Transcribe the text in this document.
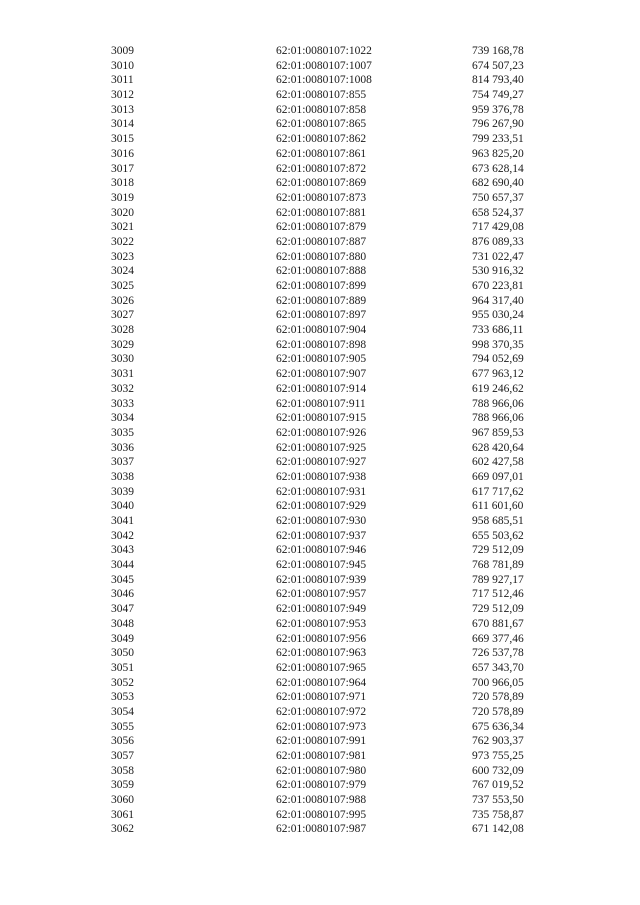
3009	62:01:0080107:1022	739 168,78
3010	62:01:0080107:1007	674 507,23
3011	62:01:0080107:1008	814 793,40
3012	62:01:0080107:855	754 749,27
3013	62:01:0080107:858	959 376,78
3014	62:01:0080107:865	796 267,90
3015	62:01:0080107:862	799 233,51
3016	62:01:0080107:861	963 825,20
3017	62:01:0080107:872	673 628,14
3018	62:01:0080107:869	682 690,40
3019	62:01:0080107:873	750 657,37
3020	62:01:0080107:881	658 524,37
3021	62:01:0080107:879	717 429,08
3022	62:01:0080107:887	876 089,33
3023	62:01:0080107:880	731 022,47
3024	62:01:0080107:888	530 916,32
3025	62:01:0080107:899	670 223,81
3026	62:01:0080107:889	964 317,40
3027	62:01:0080107:897	955 030,24
3028	62:01:0080107:904	733 686,11
3029	62:01:0080107:898	998 370,35
3030	62:01:0080107:905	794 052,69
3031	62:01:0080107:907	677 963,12
3032	62:01:0080107:914	619 246,62
3033	62:01:0080107:911	788 966,06
3034	62:01:0080107:915	788 966,06
3035	62:01:0080107:926	967 859,53
3036	62:01:0080107:925	628 420,64
3037	62:01:0080107:927	602 427,58
3038	62:01:0080107:938	669 097,01
3039	62:01:0080107:931	617 717,62
3040	62:01:0080107:929	611 601,60
3041	62:01:0080107:930	958 685,51
3042	62:01:0080107:937	655 503,62
3043	62:01:0080107:946	729 512,09
3044	62:01:0080107:945	768 781,89
3045	62:01:0080107:939	789 927,17
3046	62:01:0080107:957	717 512,46
3047	62:01:0080107:949	729 512,09
3048	62:01:0080107:953	670 881,67
3049	62:01:0080107:956	669 377,46
3050	62:01:0080107:963	726 537,78
3051	62:01:0080107:965	657 343,70
3052	62:01:0080107:964	700 966,05
3053	62:01:0080107:971	720 578,89
3054	62:01:0080107:972	720 578,89
3055	62:01:0080107:973	675 636,34
3056	62:01:0080107:991	762 903,37
3057	62:01:0080107:981	973 755,25
3058	62:01:0080107:980	600 732,09
3059	62:01:0080107:979	767 019,52
3060	62:01:0080107:988	737 553,50
3061	62:01:0080107:995	735 758,87
3062	62:01:0080107:987	671 142,08
